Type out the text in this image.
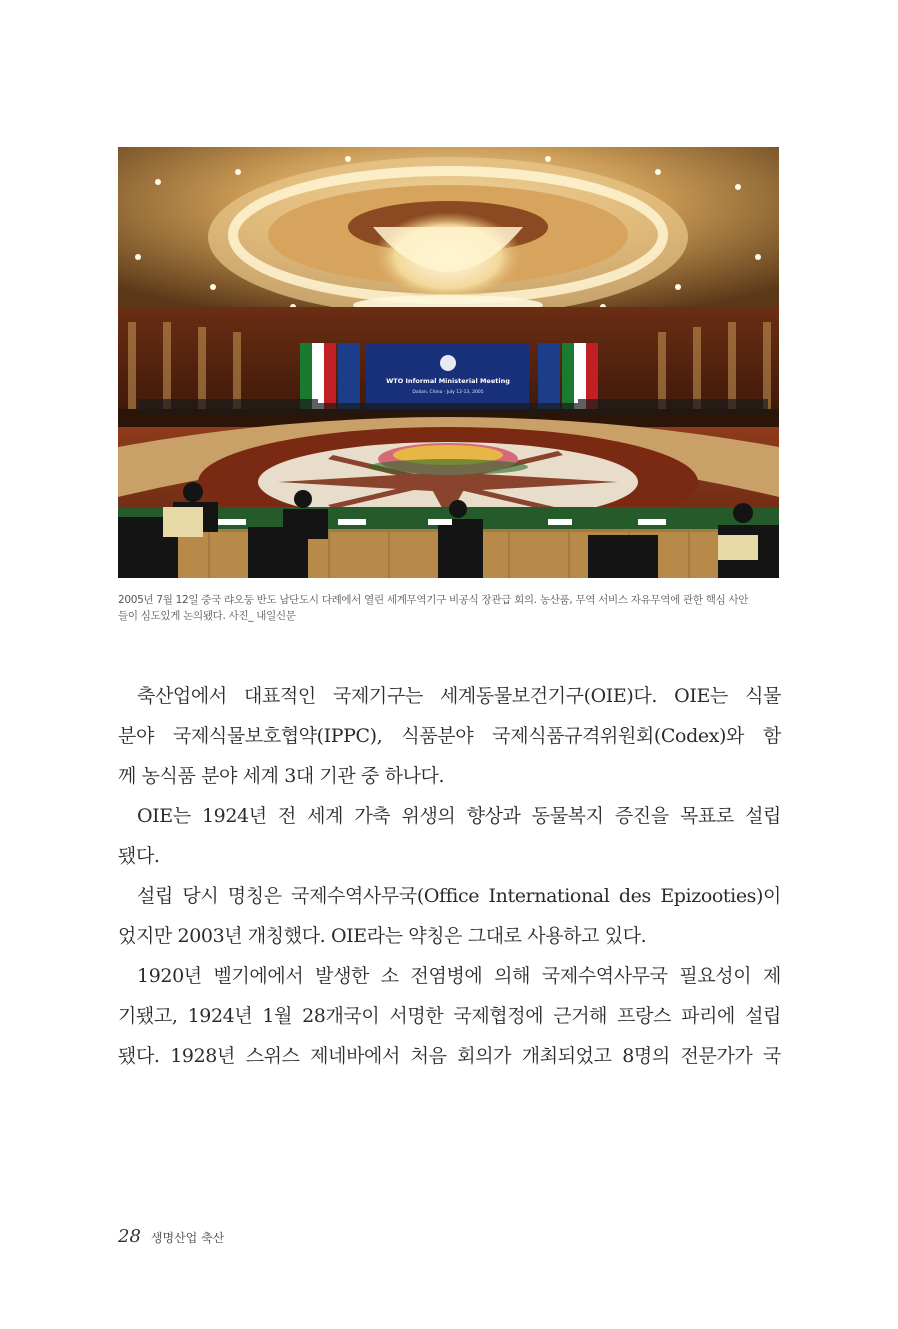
WTO Informal Ministerial Meeting
Dalian, China · July 12-13, 2005
2005년 7월 12일 중국 랴오둥 반도 남단도시 다례에서 열린 세계무역기구 비공식 장관급 회의. 농산품, 무역 서비스 자유무역에 관한 핵심 사안
들이 심도있게 논의됐다. 사진_ 내일신문
축산업에서 대표적인 국제기구는 세계동물보건기구(OIE)다. OIE는 식물
분야 국제식물보호협약(IPPC), 식품분야 국제식품규격위원회(Codex)와 함
께 농식품 분야 세계 3대 기관 중 하나다.
OIE는 1924년 전 세계 가축 위생의 향상과 동물복지 증진을 목표로 설립
됐다.
설립 당시 명칭은 국제수역사무국(Office International des Epizooties)이
었지만 2003년 개칭했다. OIE라는 약칭은 그대로 사용하고 있다.
1920년 벨기에에서 발생한 소 전염병에 의해 국제수역사무국 필요성이 제
기됐고, 1924년 1월 28개국이 서명한 국제협정에 근거해 프랑스 파리에 설립
됐다. 1928년 스위스 제네바에서 처음 회의가 개최되었고 8명의 전문가가 국
28 생명산업 축산
